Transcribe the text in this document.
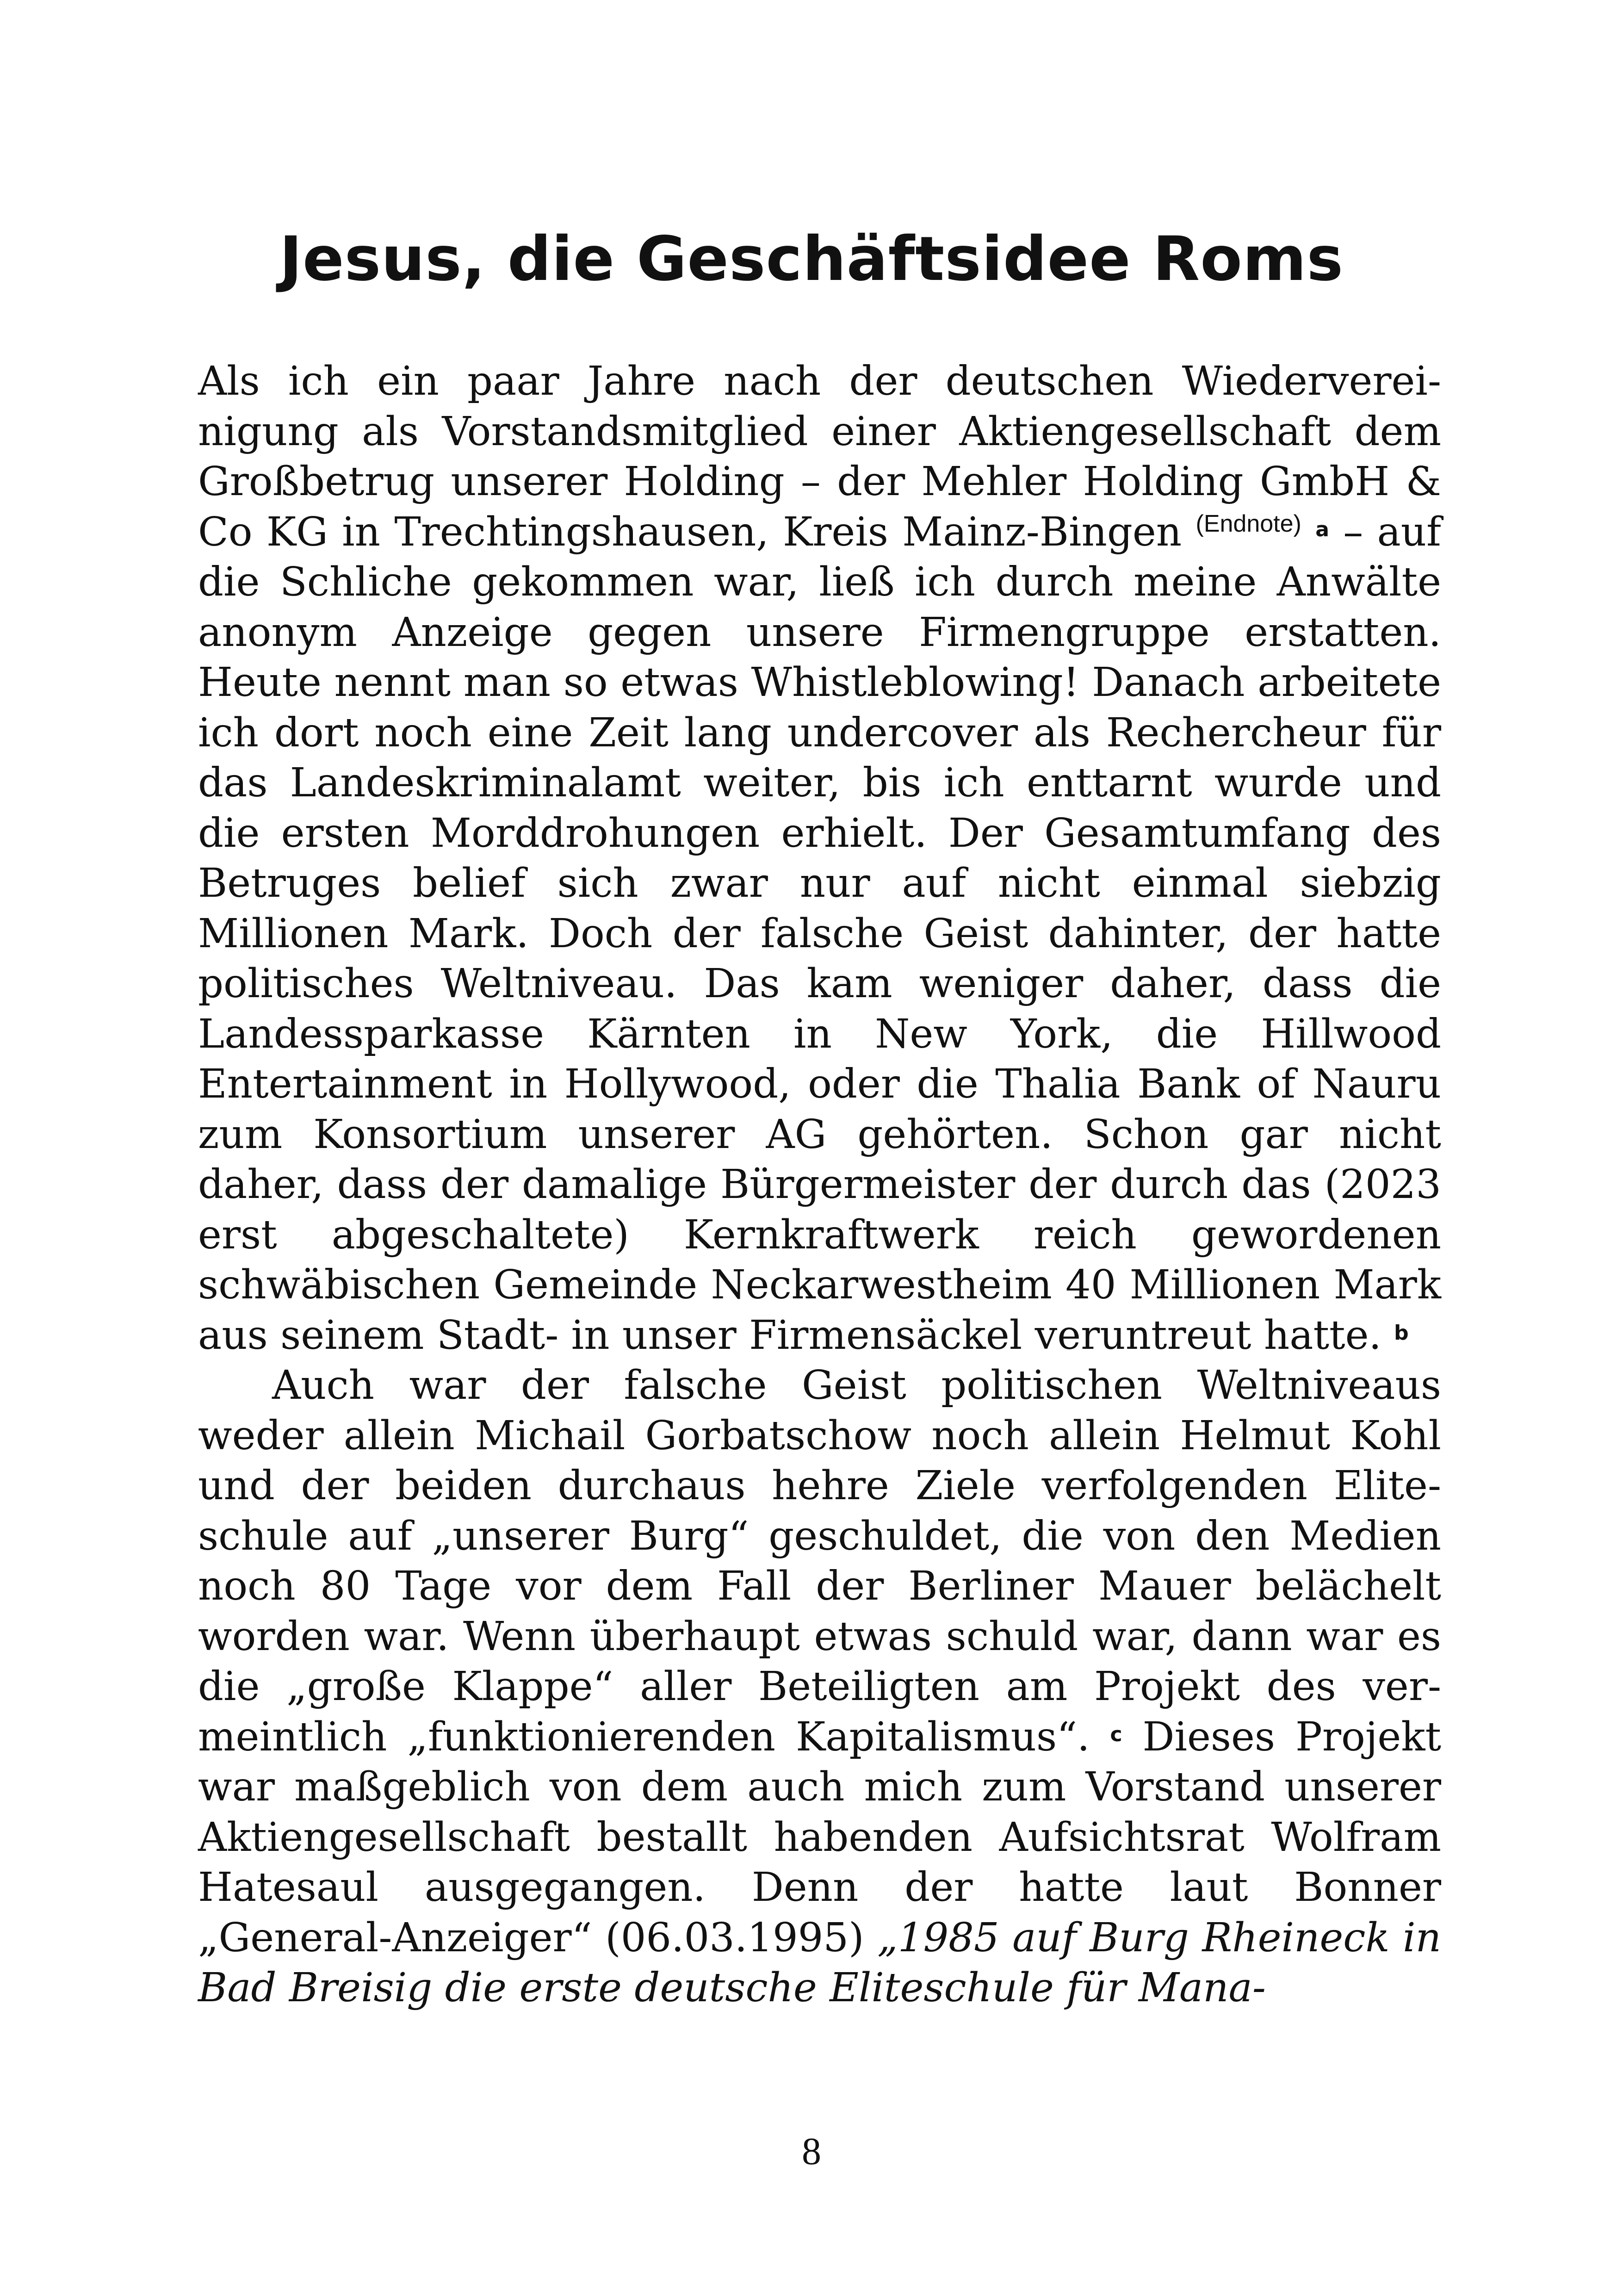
Jesus, die Geschäftsidee Roms

Als ich ein paar Jahre nach der deutschen Wiedervereinigung als Vorstandsmitglied einer Aktiengesellschaft dem Großbetrug unserer Holding – der Mehler Holding GmbH & Co KG in Trechtingshausen, Kreis Mainz-Bingen $^{(Endnote)}$ $^a$ – auf die Schliche gekommen war, ließ ich durch meine Anwälte anonym Anzeige gegen unsere Firmengruppe erstatten. Heute nennt man so etwas Whistleblowing! Danach arbeitete ich dort noch eine Zeit lang undercover als Rechercheur für das Landeskriminalamt weiter, bis ich enttarnt wurde und die ersten Morddrohungen erhielt. Der Gesamtumfang des Betruges belief sich zwar nur auf nicht einmal siebzig Millionen Mark. Doch der falsche Geist dahinter, der hatte politisches Weltniveau. Das kam weniger daher, dass die Landessparkasse Kärnten in New York, die Hillwood Entertainment in Hollywood, oder die Thalia Bank of Nauru zum Konsortium unserer AG gehörten. Schon gar nicht daher, dass der damalige Bürgermeister der durch das (2023 erst abgeschaltete) Kernkraftwerk reich gewordenen schwäbischen Gemeinde Neckarwestheim 40 Millionen Mark aus seinem Stadt- in unser Firmensäckel veruntreut hatte. $^b$

Auch war der falsche Geist politischen Weltniveaus weder allein Michail Gorbatschow noch allein Helmut Kohl und der beiden durchaus hehre Ziele verfolgenden Eliteschule auf „unserer Burg“ geschuldet, die von den Medien noch 80 Tage vor dem Fall der Berliner Mauer belächelt worden war. Wenn überhaupt etwas schuld war, dann war es die „große Klappe“ aller Beteiligten am Projekt des vermeintlich „funktionierenden Kapitalismus“. $^c$ Dieses Projekt war maßgeblich von dem auch mich zum Vorstand unserer Aktiengesellschaft bestallt habenden Aufsichtsrat Wolfram Hatesaul ausgegangen. Denn der hatte laut Bonner „General-Anzeiger“ (06.03.1995) „1985 auf Burg Rheineck in Bad Breisig die erste deutsche Eliteschule für Mana-

8
